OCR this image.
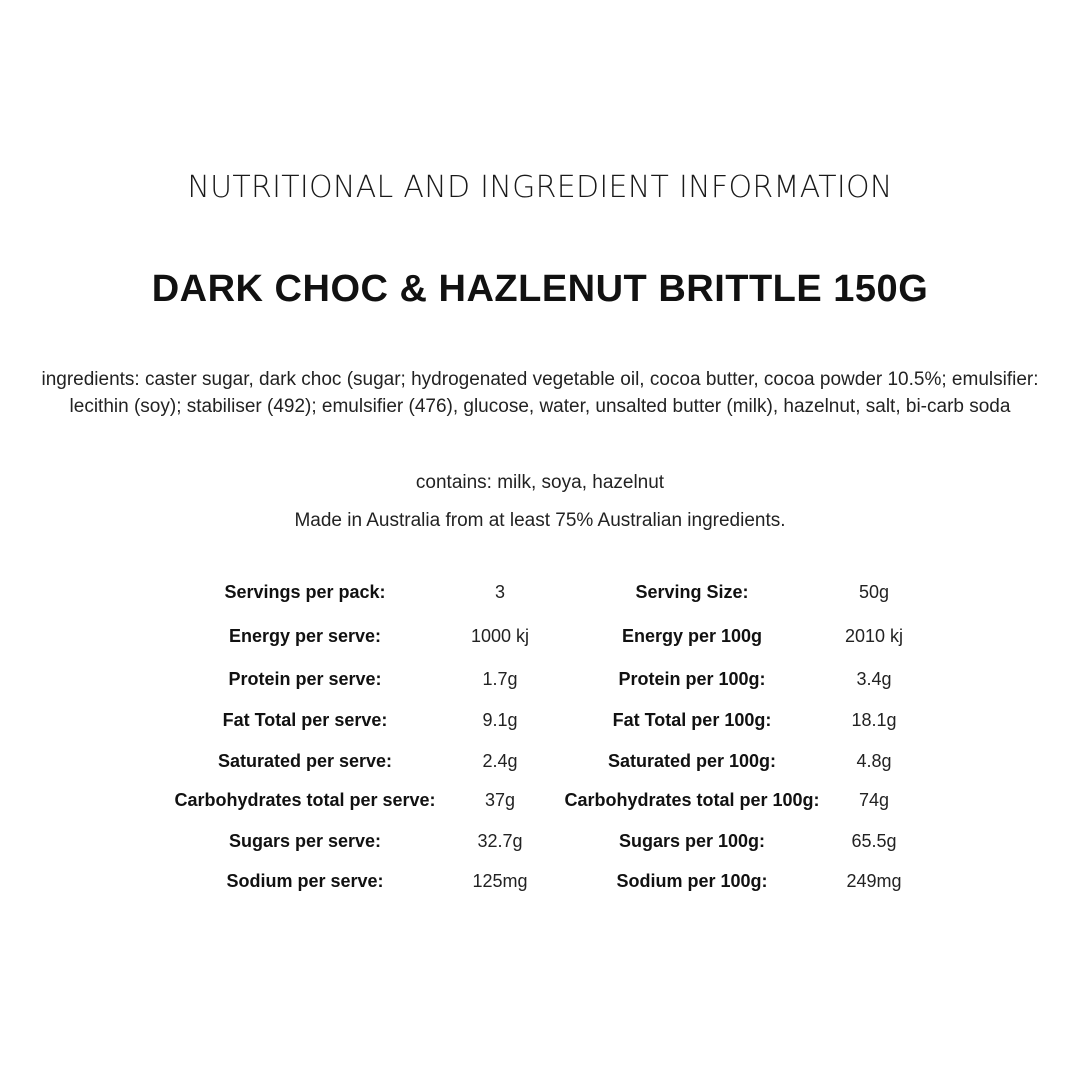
NUTRITIONAL AND INGREDIENT INFORMATION
DARK CHOC & HAZLENUT BRITTLE 150G
ingredients: caster sugar, dark choc (sugar; hydrogenated vegetable oil, cocoa butter, cocoa powder 10.5%; emulsifier: lecithin (soy); stabiliser (492); emulsifier (476), glucose, water, unsalted butter (milk), hazelnut, salt, bi-carb soda
contains: milk, soya, hazelnut
Made in Australia from at least 75% Australian ingredients.
Servings per pack:	3	Serving Size:	50g
Energy per serve:	1000 kj	Energy per 100g	2010 kj
Protein per serve:	1.7g	Protein per 100g:	3.4g
Fat Total per serve:	9.1g	Fat Total per 100g:	18.1g
Saturated per serve:	2.4g	Saturated per 100g:	4.8g
Carbohydrates total per serve:	37g	Carbohydrates total per 100g: 74g
Sugars per serve:	32.7g	Sugars per 100g:	65.5g
Sodium per serve:	125mg	Sodium per 100g:	249mg
